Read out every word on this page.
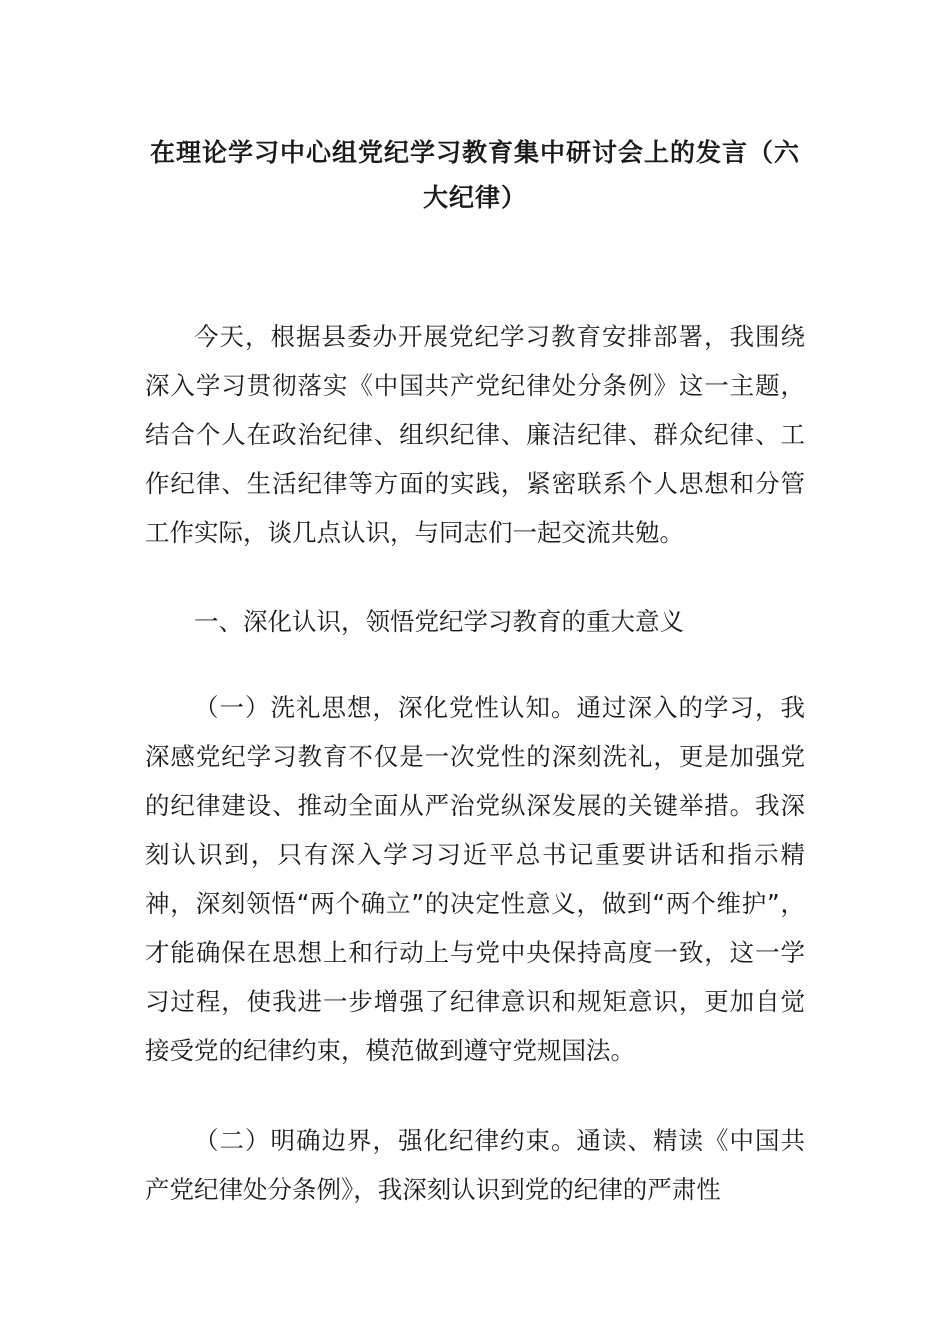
在理论学习中心组党纪学习教育集中研讨会上的发言（六大纪律）

今天，根据县委办开展党纪学习教育安排部署，我围绕深入学习贯彻落实《中国共产党纪律处分条例》这一主题，结合个人在政治纪律、组织纪律、廉洁纪律、群众纪律、工作纪律、生活纪律等方面的实践，紧密联系个人思想和分管工作实际，谈几点认识，与同志们一起交流共勉。

一、深化认识，领悟党纪学习教育的重大意义

（一）洗礼思想，深化党性认知。通过深入的学习，我深感党纪学习教育不仅是一次党性的深刻洗礼，更是加强党的纪律建设、推动全面从严治党纵深发展的关键举措。我深刻认识到，只有深入学习习近平总书记重要讲话和指示精神，深刻领悟“两个确立”的决定性意义，做到“两个维护”，才能确保在思想上和行动上与党中央保持高度一致，这一学习过程，使我进一步增强了纪律意识和规矩意识，更加自觉接受党的纪律约束，模范做到遵守党规国法。

（二）明确边界，强化纪律约束。通读、精读《中国共产党纪律处分条例》，我深刻认识到党的纪律的严肃性
